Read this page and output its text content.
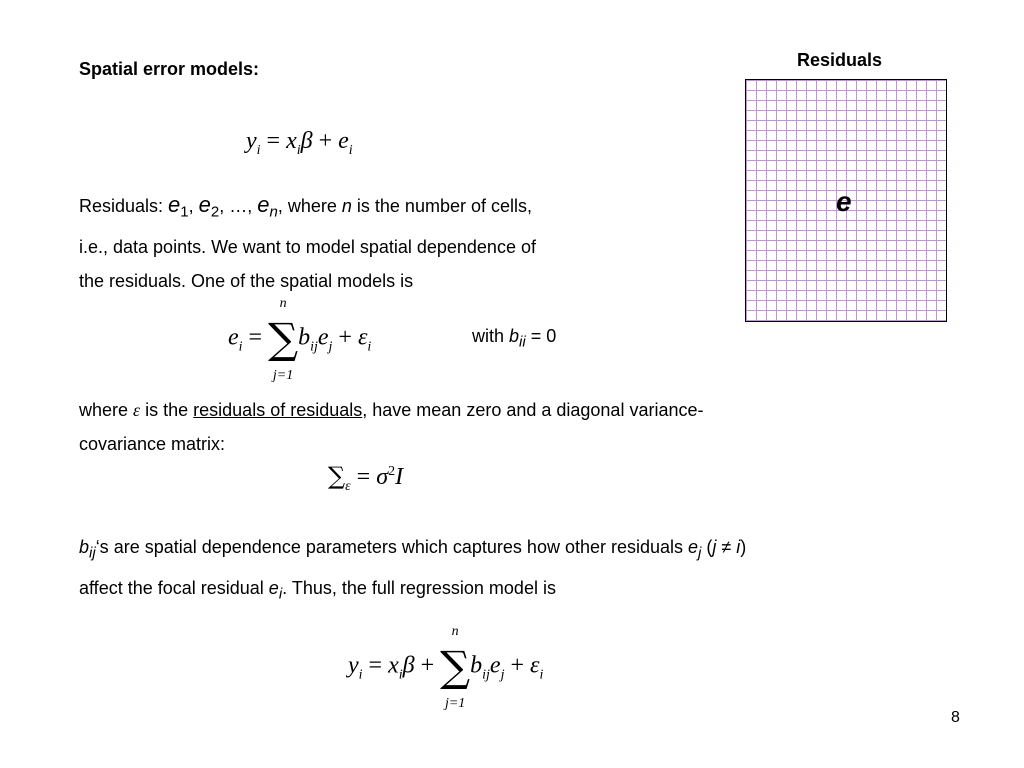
Spatial error models:	Residuals
e
$y_i = x_i\beta + e_i$
Residuals: $e_1$, $e_2$, …, $e_n$, where n is the number of cells,
i.e., data points. We want to model spatial dependence of
the residuals. One of the spatial models is
$e_i$ =
n
∑
j=1
$b_{ij}e_j + \varepsilon_i$
with $b_{ii} = 0$
where ε is the residuals of residuals, have mean zero and a diagonal variance-
covariance matrix:
$\sum_\varepsilon = \sigma^2I$
$b_{ij}‘s$ are spatial dependence parameters which captures how other residuals $e_j$ (j ≠ i)
affect the focal residual $e_i$. Thus, the full regression model is
$y_i = x_i\beta$ +
n
∑
j=1
$b_{ij}e_j + \varepsilon_i$
8
